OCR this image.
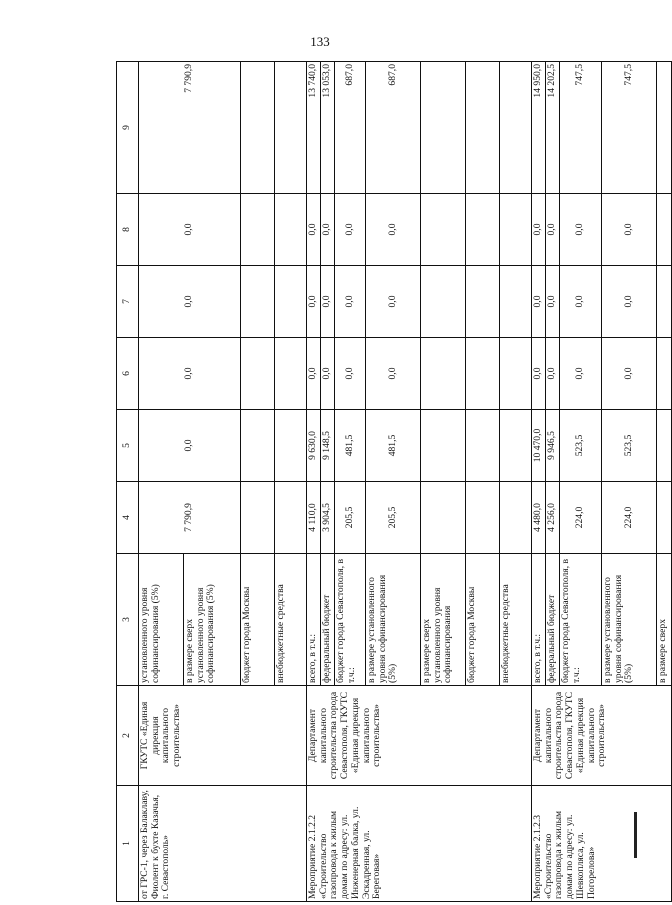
133
1	2	3	4	5	6	7	8	9
от ГРС-1, через Балаклаву, Фиолент к бухте Казачья, г. Севастополь»	ГКУТС «Единая дирекция капитального строительства»	установленного уровня софинансирования (5%)	7 790,9	0,0	0,0	0,0	0,0	7 790,9
		в размере сверх установленного уровня софинансирования (5%)						
		бюджет города Москвы						
		внебюджетные средства						
Мероприятие 2.1.2.2 «Строительство газопровода к жилым домам по адресу: ул. Инженерная балка, ул. Эскадренная, ул. Береговая»	Департамент капитального строительства города Севастополя, ГКУТС «Единая дирекция капитального строительства»	всего, в т.ч.:	4 110,0	9 630,0	0,0	0,0	0,0	13 740,0
		федеральный бюджет	3 904,5	9 148,5	0,0	0,0	0,0	13 053,0
		бюджет города Севастополя, в т.ч.:	205,5	481,5	0,0	0,0	0,0	687,0
		в размере установленного уровня софинансирования (5%)	205,5	481,5	0,0	0,0	0,0	687,0
		в размере сверх установленного уровня софинансирования						
		бюджет города Москвы						
		внебюджетные средства						
Мероприятие 2.1.2.3 «Строительство газопровода к жилым домам по адресу: ул. Шевкопляса, ул. Погорелова»	Департамент капитального строительства города Севастополя, ГКУТС «Единая дирекция капитального строительства»	всего, в т.ч.:	4 480,0	10 470,0	0,0	0,0	0,0	14 950,0
		федеральный бюджет	4 256,0	9 946,5	0,0	0,0	0,0	14 202,5
		бюджет города Севастополя, в т.ч.:	224,0	523,5	0,0	0,0	0,0	747,5
		в размере установленного уровня софинансирования (5%)	224,0	523,5	0,0	0,0	0,0	747,5
		в размере сверх						
